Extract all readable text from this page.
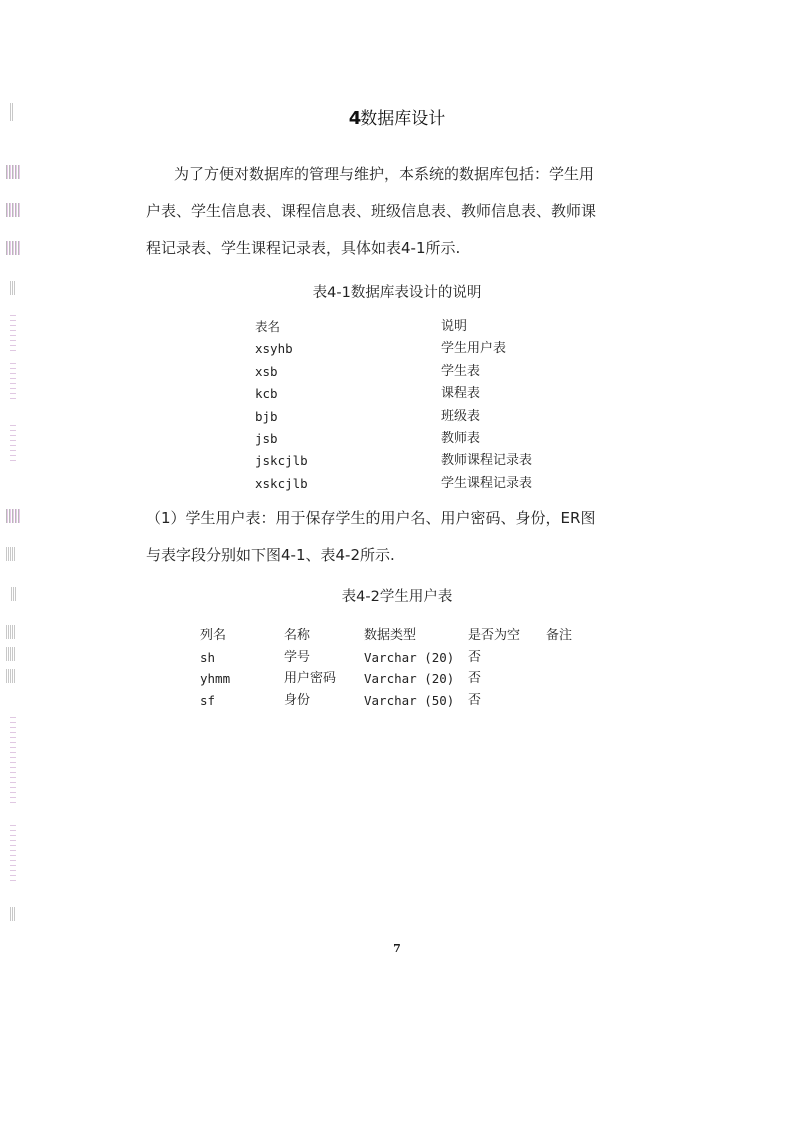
4数据库设计
为了方便对数据库的管理与维护，本系统的数据库包括：学生用
户表、学生信息表、课程信息表、班级信息表、教师信息表、教师课
程记录表、学生课程记录表，具体如表4-1所示.
表4-1数据库表设计的说明
表名	说明
xsyhb	学生用户表
xsb	学生表
kcb	课程表
bjb	班级表
jsb	教师表
jskcjlb	教师课程记录表
xskcjlb	学生课程记录表
（1）学生用户表：用于保存学生的用户名、用户密码、身份，ER图
与表字段分别如下图4-1、表4-2所示.
表4-2学生用户表
列名	名称	数据类型	是否为空 备注
sh	学号	Varchar (20) 否
yhmm	用户密码 Varchar (20) 否
sf	身份	Varchar (50) 否
7
